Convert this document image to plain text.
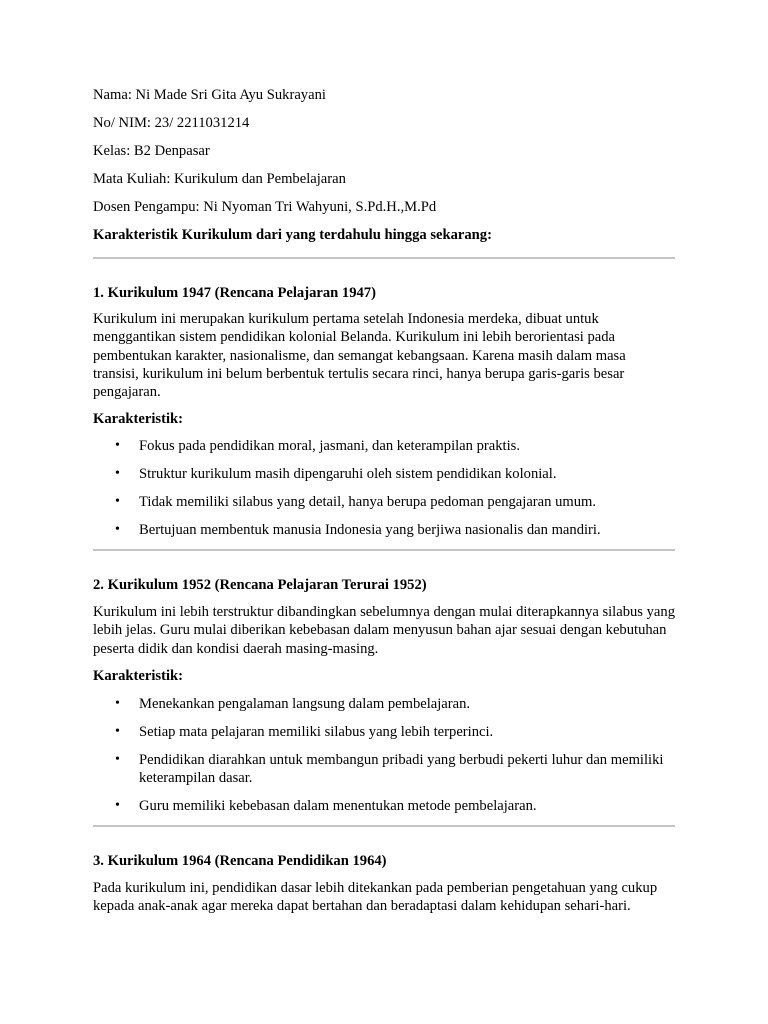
Nama: Ni Made Sri Gita Ayu Sukrayani

No/ NIM: 23/ 2211031214

Kelas: B2 Denpasar

Mata Kuliah: Kurikulum dan Pembelajaran

Dosen Pengampu: Ni Nyoman Tri Wahyuni, S.Pd.H.,M.Pd

Karakteristik Kurikulum dari yang terdahulu hingga sekarang:

1. Kurikulum 1947 (Rencana Pelajaran 1947)

Kurikulum ini merupakan kurikulum pertama setelah Indonesia merdeka, dibuat untuk menggantikan sistem pendidikan kolonial Belanda. Kurikulum ini lebih berorientasi pada pembentukan karakter, nasionalisme, dan semangat kebangsaan. Karena masih dalam masa transisi, kurikulum ini belum berbentuk tertulis secara rinci, hanya berupa garis-garis besar pengajaran.

Karakteristik:

• Fokus pada pendidikan moral, jasmani, dan keterampilan praktis.
• Struktur kurikulum masih dipengaruhi oleh sistem pendidikan kolonial.
• Tidak memiliki silabus yang detail, hanya berupa pedoman pengajaran umum.
• Bertujuan membentuk manusia Indonesia yang berjiwa nasionalis dan mandiri.

2. Kurikulum 1952 (Rencana Pelajaran Terurai 1952)

Kurikulum ini lebih terstruktur dibandingkan sebelumnya dengan mulai diterapkannya silabus yang lebih jelas. Guru mulai diberikan kebebasan dalam menyusun bahan ajar sesuai dengan kebutuhan peserta didik dan kondisi daerah masing-masing.

Karakteristik:

• Menekankan pengalaman langsung dalam pembelajaran.
• Setiap mata pelajaran memiliki silabus yang lebih terperinci.
• Pendidikan diarahkan untuk membangun pribadi yang berbudi pekerti luhur dan memiliki keterampilan dasar.
• Guru memiliki kebebasan dalam menentukan metode pembelajaran.

3. Kurikulum 1964 (Rencana Pendidikan 1964)

Pada kurikulum ini, pendidikan dasar lebih ditekankan pada pemberian pengetahuan yang cukup kepada anak-anak agar mereka dapat bertahan dan beradaptasi dalam kehidupan sehari-hari.
